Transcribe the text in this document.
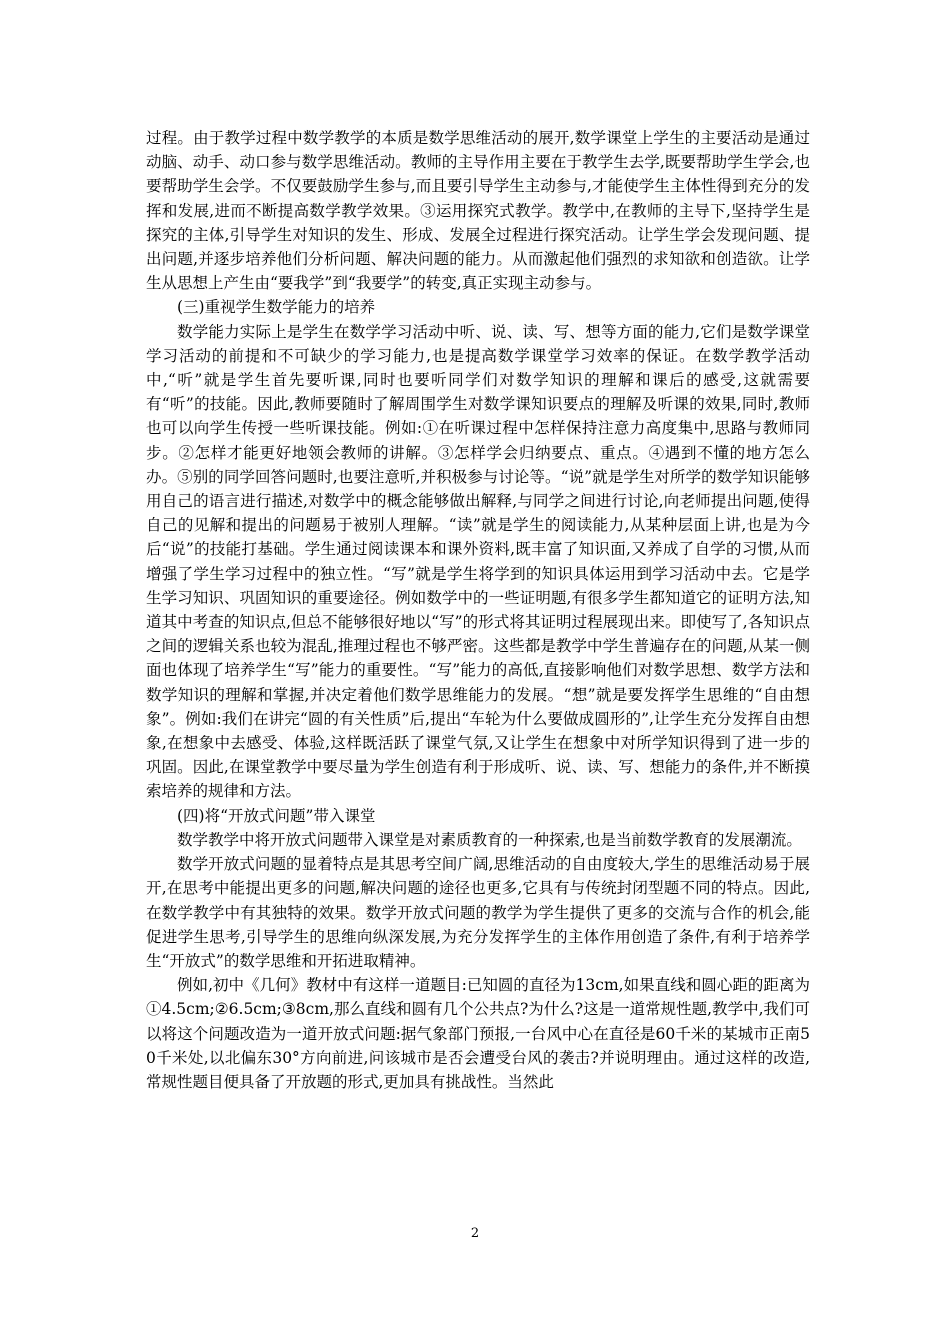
过程。由于教学过程中数学教学的本质是数学思维活动的展开,数学课堂上学生的主要活动是通过动脑、动手、动口参与数学思维活动。教师的主导作用主要在于教学生去学,既要帮助学生学会,也要帮助学生会学。不仅要鼓励学生参与,而且要引导学生主动参与,才能使学生主体性得到充分的发挥和发展,进而不断提高数学教学效果。③运用探究式教学。教学中,在教师的主导下,坚持学生是探究的主体,引导学生对知识的发生、形成、发展全过程进行探究活动。让学生学会发现问题、提出问题,并逐步培养他们分析问题、解决问题的能力。从而激起他们强烈的求知欲和创造欲。让学生从思想上产生由“要我学”到“我要学”的转变,真正实现主动参与。

(三)重视学生数学能力的培养

数学能力实际上是学生在数学学习活动中听、说、读、写、想等方面的能力,它们是数学课堂学习活动的前提和不可缺少的学习能力,也是提高数学课堂学习效率的保证。在数学教学活动中,“听”就是学生首先要听课,同时也要听同学们对数学知识的理解和课后的感受,这就需要有“听”的技能。因此,教师要随时了解周围学生对数学课知识要点的理解及听课的效果,同时,教师也可以向学生传授一些听课技能。例如:①在听课过程中怎样保持注意力高度集中,思路与教师同步。②怎样才能更好地领会教师的讲解。③怎样学会归纳要点、重点。④遇到不懂的地方怎么办。⑤别的同学回答问题时,也要注意听,并积极参与讨论等。“说”就是学生对所学的数学知识能够用自己的语言进行描述,对数学中的概念能够做出解释,与同学之间进行讨论,向老师提出问题,使得自己的见解和提出的问题易于被别人理解。“读”就是学生的阅读能力,从某种层面上讲,也是为今后“说”的技能打基础。学生通过阅读课本和课外资料,既丰富了知识面,又养成了自学的习惯,从而增强了学生学习过程中的独立性。“写”就是学生将学到的知识具体运用到学习活动中去。它是学生学习知识、巩固知识的重要途径。例如数学中的一些证明题,有很多学生都知道它的证明方法,知道其中考查的知识点,但总不能够很好地以“写”的形式将其证明过程展现出来。即使写了,各知识点之间的逻辑关系也较为混乱,推理过程也不够严密。这些都是教学中学生普遍存在的问题,从某一侧面也体现了培养学生“写”能力的重要性。“写”能力的高低,直接影响他们对数学思想、数学方法和数学知识的理解和掌握,并决定着他们数学思维能力的发展。“想”就是要发挥学生思维的“自由想象”。例如:我们在讲完“圆的有关性质”后,提出“车轮为什么要做成圆形的”,让学生充分发挥自由想象,在想象中去感受、体验,这样既活跃了课堂气氛,又让学生在想象中对所学知识得到了进一步的巩固。因此,在课堂教学中要尽量为学生创造有利于形成听、说、读、写、想能力的条件,并不断摸索培养的规律和方法。

(四)将“开放式问题”带入课堂

数学教学中将开放式问题带入课堂是对素质教育的一种探索,也是当前数学教育的发展潮流。

数学开放式问题的显着特点是其思考空间广阔,思维活动的自由度较大,学生的思维活动易于展开,在思考中能提出更多的问题,解决问题的途径也更多,它具有与传统封闭型题不同的特点。因此,在数学教学中有其独特的效果。数学开放式问题的教学为学生提供了更多的交流与合作的机会,能促进学生思考,引导学生的思维向纵深发展,为充分发挥学生的主体作用创造了条件,有利于培养学生“开放式”的数学思维和开拓进取精神。

例如,初中《几何》教材中有这样一道题目:已知圆的直径为13cm,如果直线和圆心距的距离为①4.5cm;②6.5cm;③8cm,那么直线和圆有几个公共点?为什么?这是一道常规性题,教学中,我们可以将这个问题改造为一道开放式问题:据气象部门预报,一台风中心在直径是60千米的某城市正南50千米处,以北偏东30°方向前进,问该城市是否会遭受台风的袭击?并说明理由。通过这样的改造,常规性题目便具备了开放题的形式,更加具有挑战性。当然此

2
